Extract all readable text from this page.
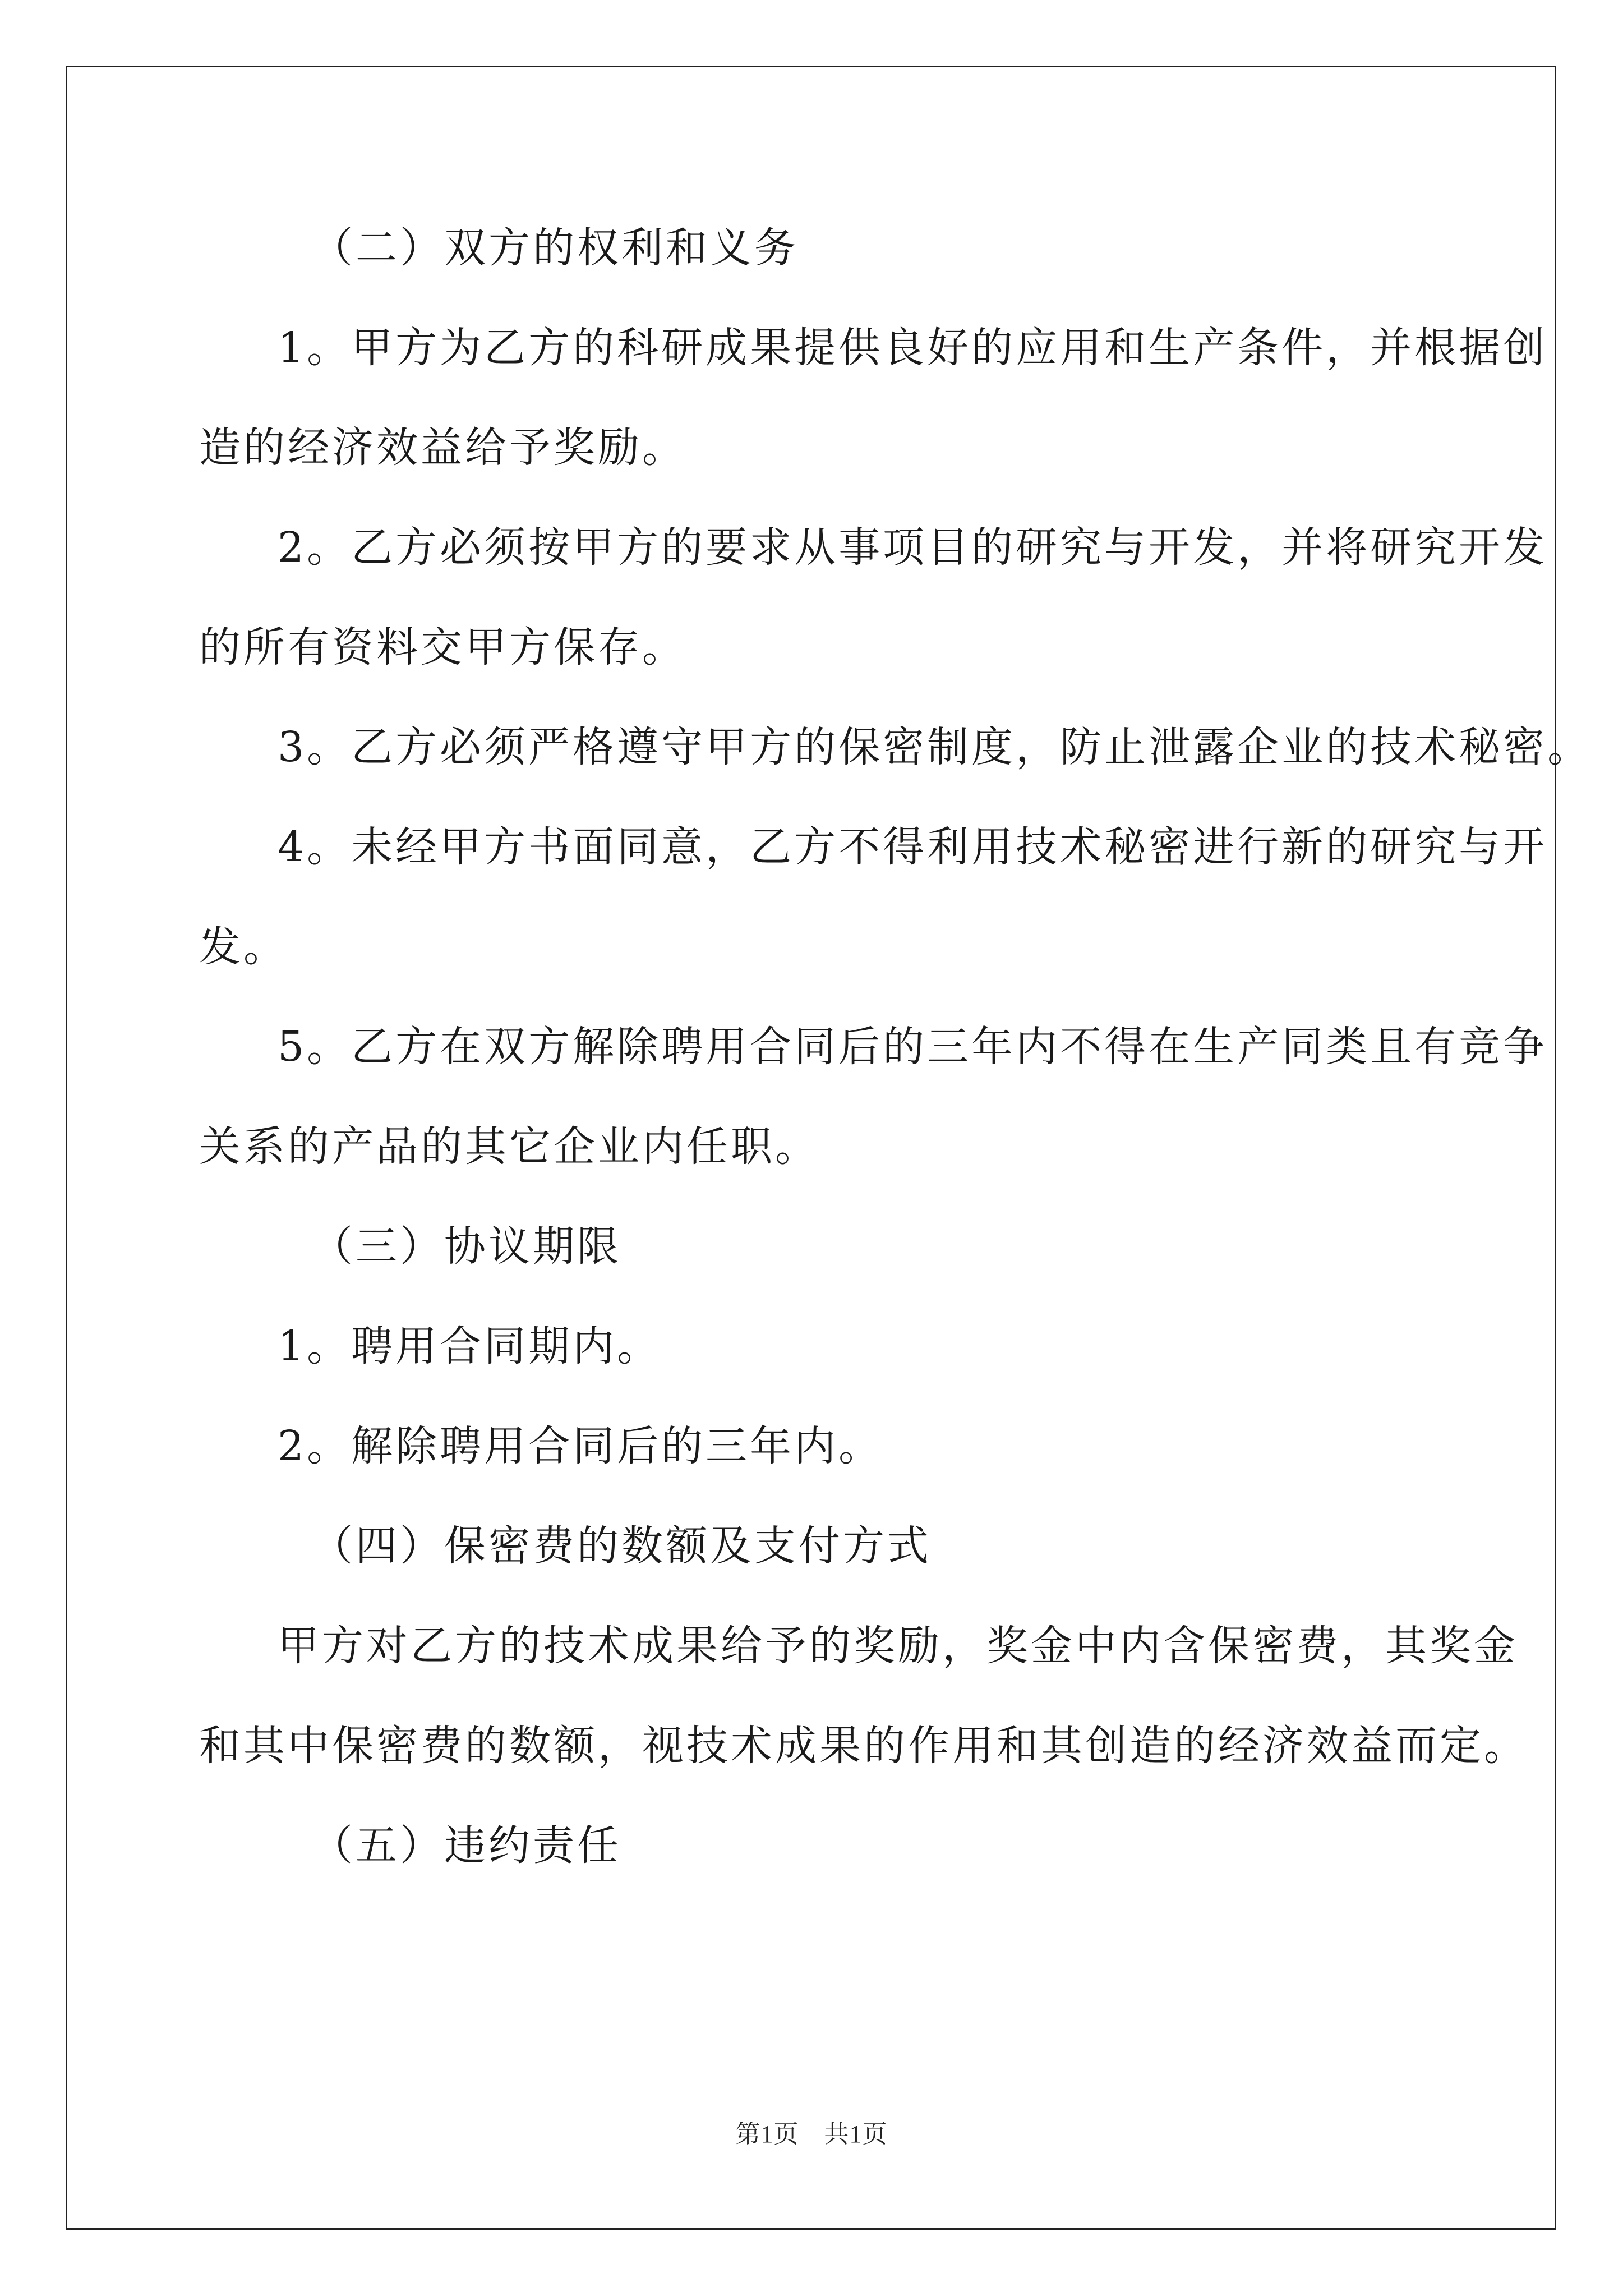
（二）双方的权利和义务
1。甲方为乙方的科研成果提供良好的应用和生产条件，并根据创
造的经济效益给予奖励。
2。乙方必须按甲方的要求从事项目的研究与开发，并将研究开发
的所有资料交甲方保存。
3。乙方必须严格遵守甲方的保密制度，防止泄露企业的技术秘密。
4。未经甲方书面同意，乙方不得利用技术秘密进行新的研究与开
发。
5。乙方在双方解除聘用合同后的三年内不得在生产同类且有竞争
关系的产品的其它企业内任职。
（三）协议期限
1。聘用合同期内。
2。解除聘用合同后的三年内。
（四）保密费的数额及支付方式
甲方对乙方的技术成果给予的奖励，奖金中内含保密费，其奖金
和其中保密费的数额，视技术成果的作用和其创造的经济效益而定。
（五）违约责任
第1页　共1页
